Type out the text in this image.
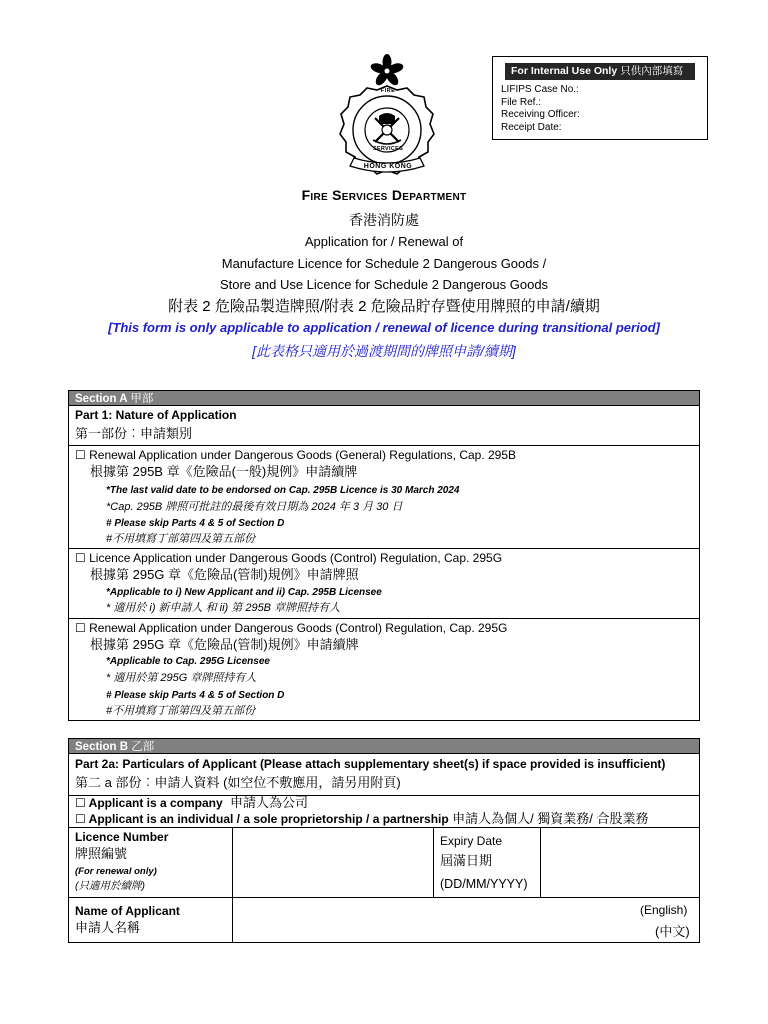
FIRE
SERVICES
HONG KONG
For Internal Use Only 只供內部填寫
LIFIPS Case No.:
File Ref.:
Receiving Officer:
Receipt Date:
Fire Services Department
香港消防處
Application for / Renewal of
Manufacture Licence for Schedule 2 Dangerous Goods /
Store and Use Licence for Schedule 2 Dangerous Goods
附表 2 危險品製造牌照/附表 2 危險品貯存暨使用牌照的申請/續期
[This form is only applicable to application / renewal of licence during transitional period]
[此表格只適用於過渡期間的牌照申請/續期]
Section A 甲部
Part 1: Nature of Application
第一部份︰申請類別
☐ Renewal Application under Dangerous Goods (General) Regulations, Cap. 295B
根據第 295B 章《危險品(一般)規例》申請續牌
*The last valid date to be endorsed on Cap. 295B Licence is 30 March 2024
*Cap. 295B 牌照可批註的最後有效日期為 2024 年 3 月 30 日
# Please skip Parts 4 & 5 of Section D
#不用填寫丁部第四及第五部份
☐ Licence Application under Dangerous Goods (Control) Regulation, Cap. 295G
根據第 295G 章《危險品(管制)規例》申請牌照
*Applicable to i) New Applicant and ii) Cap. 295B Licensee
* 適用於 i) 新申請人 和 ii) 第 295B 章牌照持有人
☐ Renewal Application under Dangerous Goods (Control) Regulation, Cap. 295G
根據第 295G 章《危險品(管制)規例》申請續牌
*Applicable to Cap. 295G Licensee
* 適用於第 295G 章牌照持有人
# Please skip Parts 4 & 5 of Section D
#不用填寫丁部第四及第五部份
Section B 乙部
Part 2a: Particulars of Applicant (Please attach supplementary sheet(s) if space provided is insufficient)
第二 a 部份︰申請人資料 (如空位不敷應用，請另用附頁)
☐ Applicant is a company 申請人為公司
☐ Applicant is an individual / a sole proprietorship / a partnership 申請人為個人/ 獨資業務/ 合股業務
Licence Number
牌照編號
(For renewal only)
(只適用於續牌)
Expiry Date
屆滿日期
(DD/MM/YYYY)
Name of Applicant
申請人名稱
(English)
(中文)
